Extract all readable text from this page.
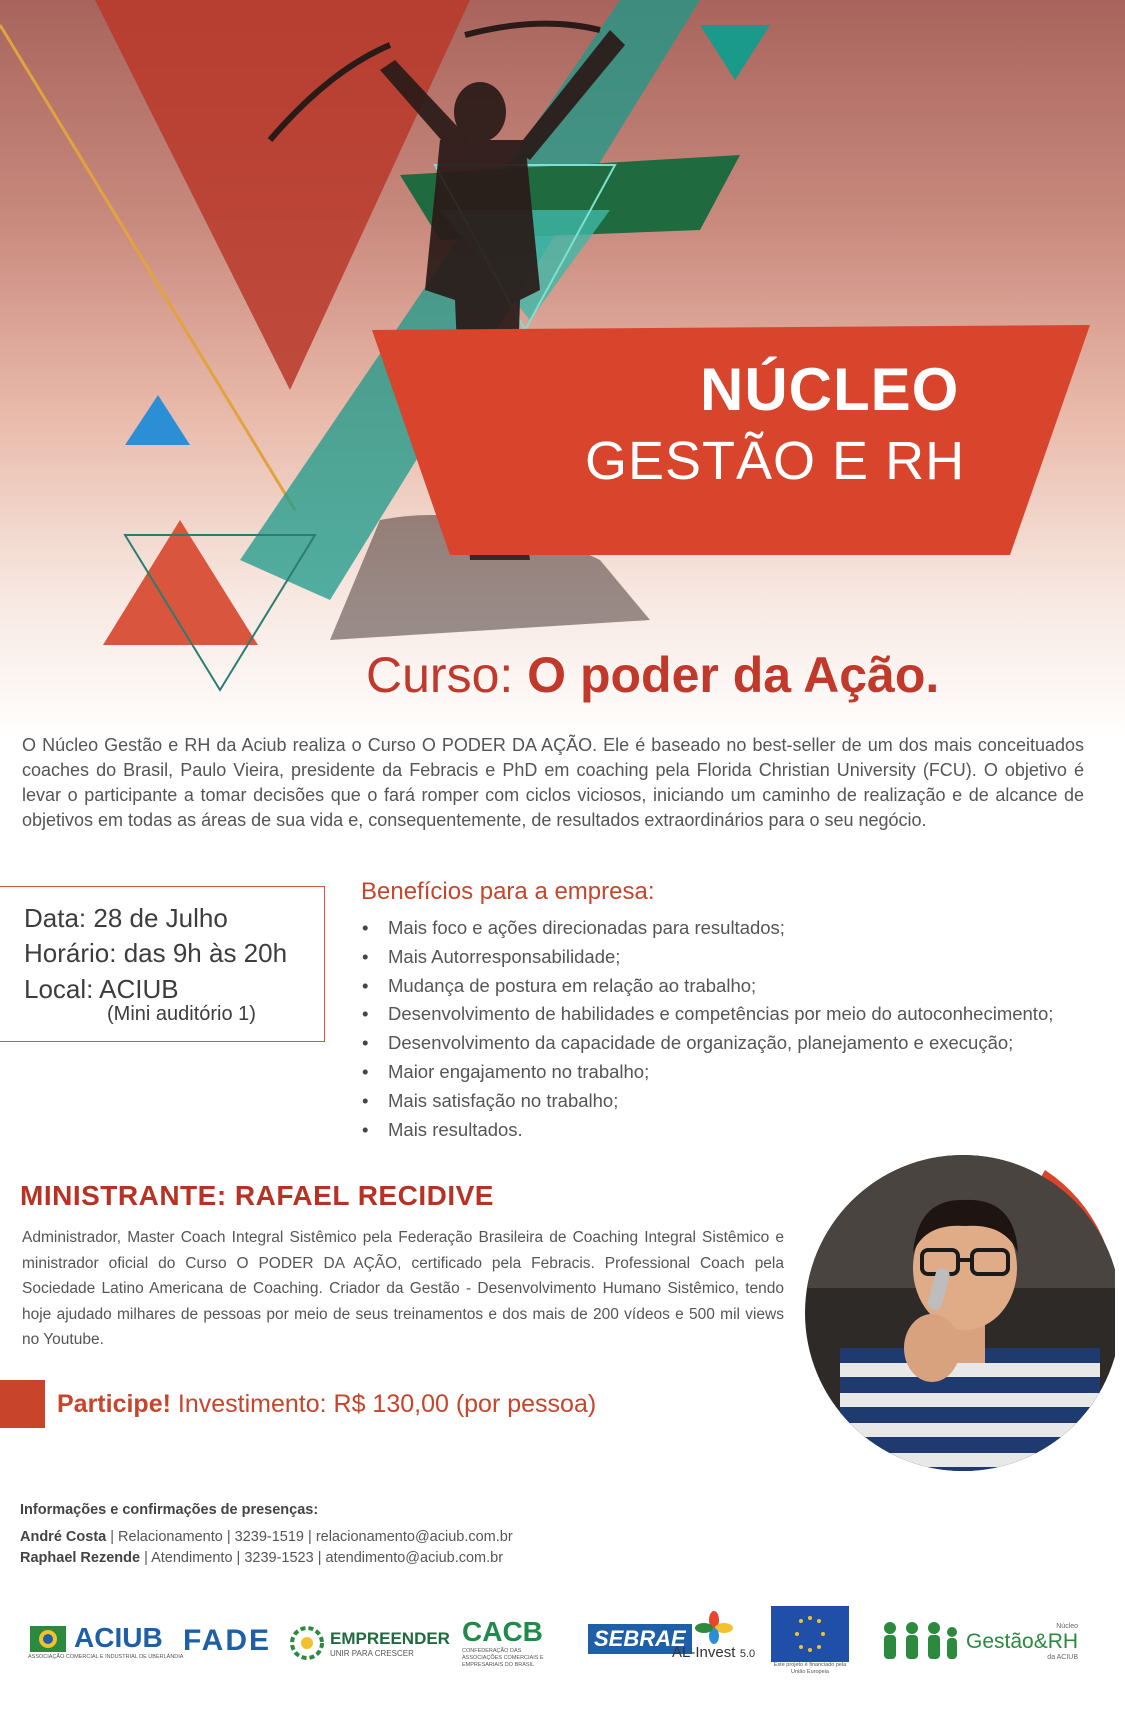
NÚCLEO
GESTÃO E RH
Curso: O poder da Ação.

O Núcleo Gestão e RH da Aciub realiza o Curso O PODER DA AÇÃO. Ele é baseado no best-seller de um dos mais conceituados coaches do Brasil, Paulo Vieira, presidente da Febracis e PhD em coaching pela Florida Christian University (FCU). O objetivo é levar o participante a tomar decisões que o fará romper com ciclos viciosos, iniciando um caminho de realização e de alcance de objetivos em todas as áreas de sua vida e, consequentemente, de resultados extraordinários para o seu negócio.

Data: 28 de Julho
Horário: das 9h às 20h
Local: ACIUB
(Mini auditório 1)
Benefícios para a empresa:
• Mais foco e ações direcionadas para resultados;
• Mais Autorresponsabilidade;
• Mudança de postura em relação ao trabalho;
• Desenvolvimento de habilidades e competências por meio do autoconhecimento;
• Desenvolvimento da capacidade de organização, planejamento e execução;
• Maior engajamento no trabalho;
• Mais satisfação no trabalho;
• Mais resultados.
MINISTRANTE: RAFAEL RECIDIVE

Administrador, Master Coach Integral Sistêmico pela Federação Brasileira de Coaching Integral Sistêmico e ministrador oficial do Curso O PODER DA AÇÃO, certificado pela Febracis. Professional Coach pela Sociedade Latino Americana de Coaching. Criador da Gestão - Desenvolvimento Humano Sistêmico, tendo hoje ajudado milhares de pessoas por meio de seus treinamentos e dos mais de 200 vídeos e 500 mil views no Youtube.

Participe! Investimento: R$ 130,00 (por pessoa)
Informações e confirmações de presenças:
André Costa | Relacionamento | 3239-1519 | relacionamento@aciub.com.br
Raphael Rezende | Atendimento | 3239-1523 | atendimento@aciub.com.br
ACIUB
ASSOCIAÇÃO COMERCIAL E INDUSTRIAL DE UBERLÂNDIA FADE	EMPREENDER
UNIR PARA CRESCER
CACB
CONFEDERAÇÃO DAS ASSOCIAÇÕES COMERCIAIS E EMPRESARIAIS DO BRASIL
SEBRAE
AL-Invest 5.0
Este projeto é financiado pela União Europeia
Núcleo
Gestão&RH
da ACIUB
